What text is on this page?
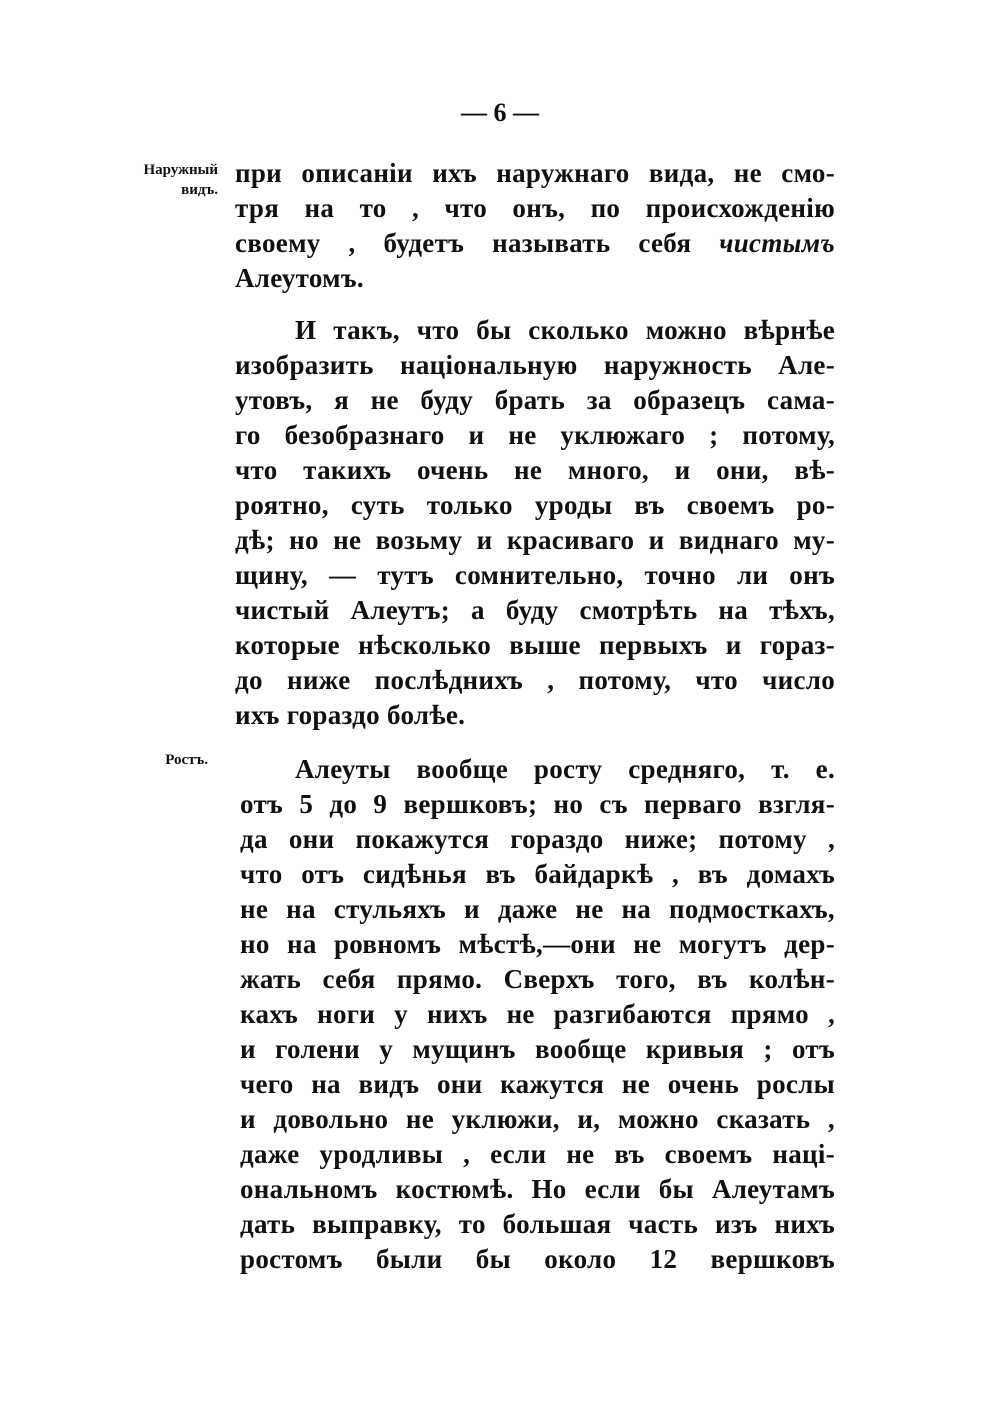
— 6 —
Наружный
видъ.
Ростъ.
при описаніи ихъ наружнаго вида, не смо-
тря на то , что онъ, по происхожденію
своему , будетъ называть себя чистымъ
Алеутомъ.
И такъ, что бы сколько можно вѣрнѣе
изобразить національную наружность Але-
утовъ, я не буду брать за образецъ сама-
го безобразнаго и не уклюжаго ; потому,
что такихъ очень не много, и они, вѣ-
роятно, суть только уроды въ своемъ ро-
дѣ; но не возьму и красиваго и виднаго му-
щину, — тутъ сомнительно, точно ли онъ
чистый Алеутъ; а буду смотрѣть на тѣхъ,
которые нѣсколько выше первыхъ и гораз-
до ниже послѣднихъ , потому, что число
ихъ гораздо болѣе.
Алеуты вообще росту средняго, т. е.
отъ 5 до 9 вершковъ; но съ перваго взгля-
да они покажутся гораздо ниже; потому ,
что отъ сидѣнья въ байдаркѣ , въ домахъ
не на стульяхъ и даже не на подмосткахъ,
но на ровномъ мѣстѣ,—они не могутъ дер-
жать себя прямо. Сверхъ того, въ колѣн-
кахъ ноги у нихъ не разгибаются прямо ,
и голени у мущинъ вообще кривыя ; отъ
чего на видъ они кажутся не очень рослы
и довольно не уклюжи, и, можно сказать ,
даже уродливы , если не въ своемъ наці-
ональномъ костюмѣ. Но если бы Алеутамъ
дать выправку, то большая часть изъ нихъ
ростомъ были бы около 12 вершковъ
